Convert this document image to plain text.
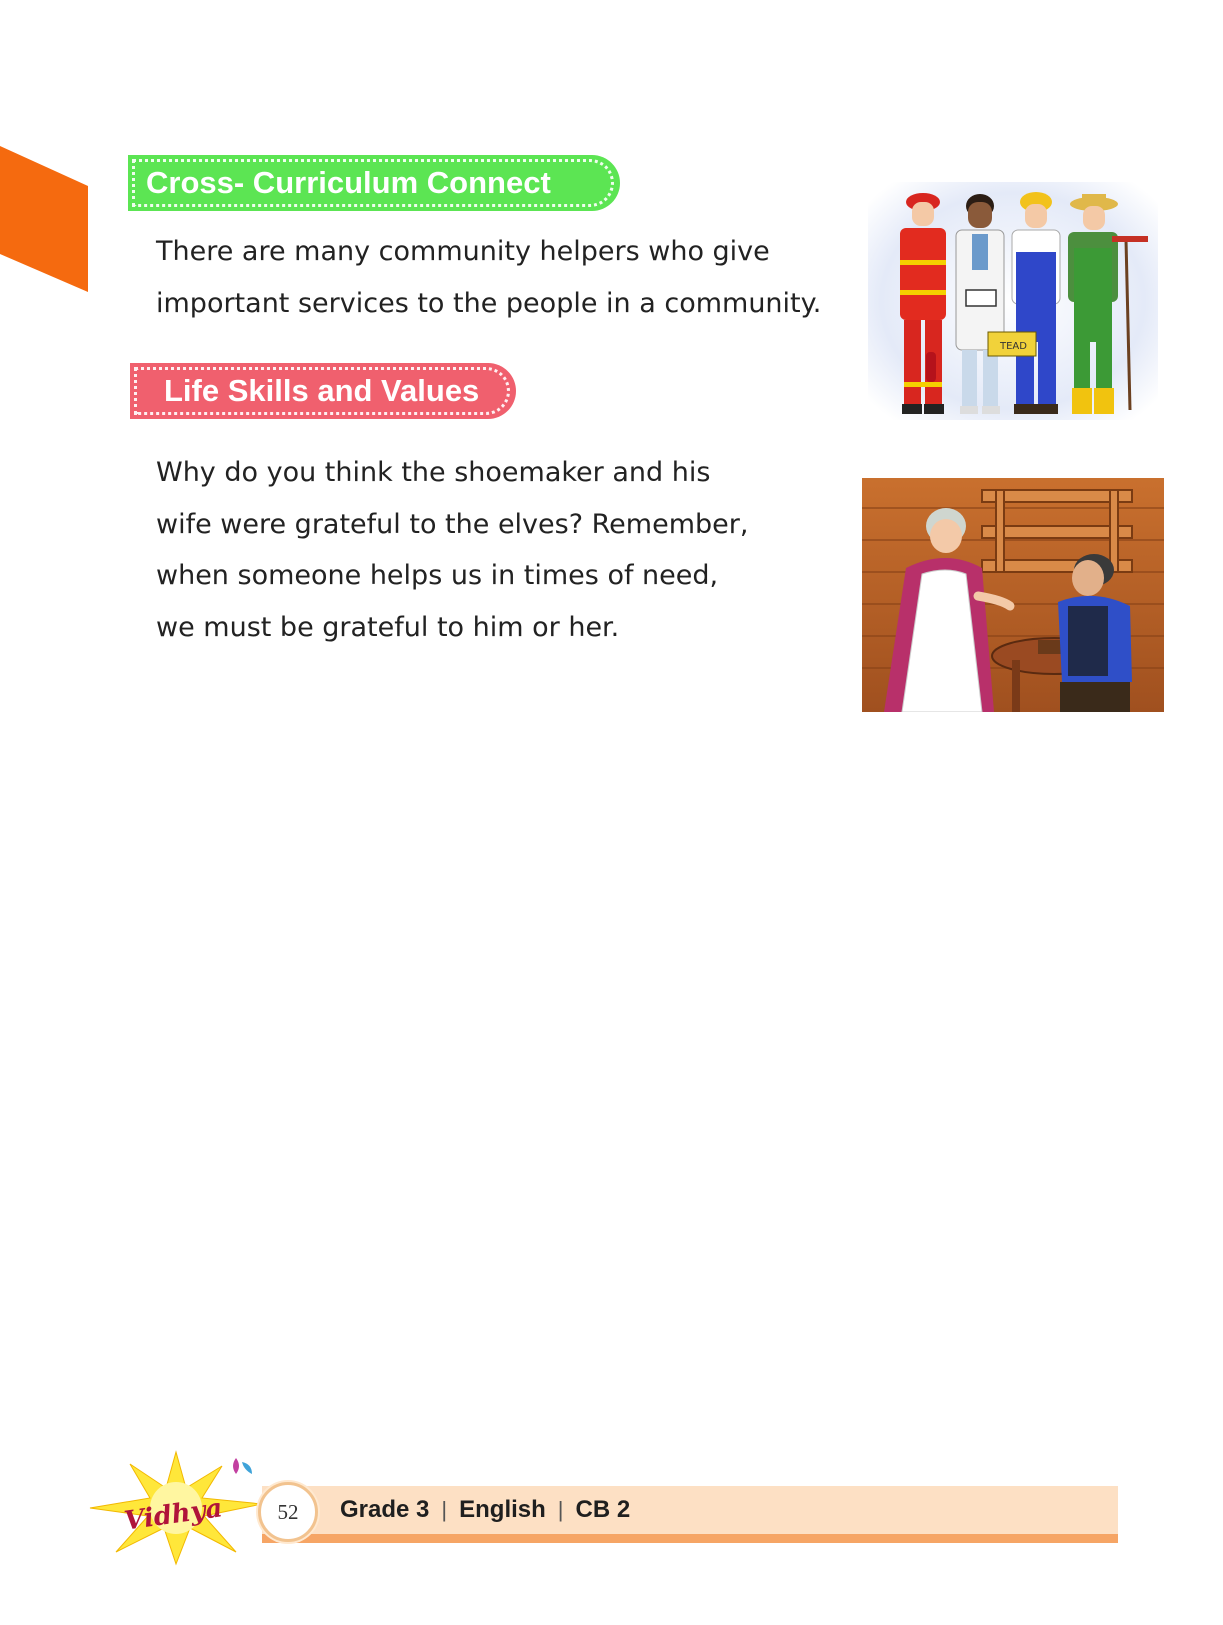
Cross- Curriculum Connect

There are many community helpers who give

important services to the people in a community.

TEAD
Life Skills and Values

Why do you think the shoemaker and his

wife were grateful to the elves? Remember,

when someone helps us in times of need,

we must be grateful to him or her.

Vidhya	52	Grade 3 | English | CB 2
